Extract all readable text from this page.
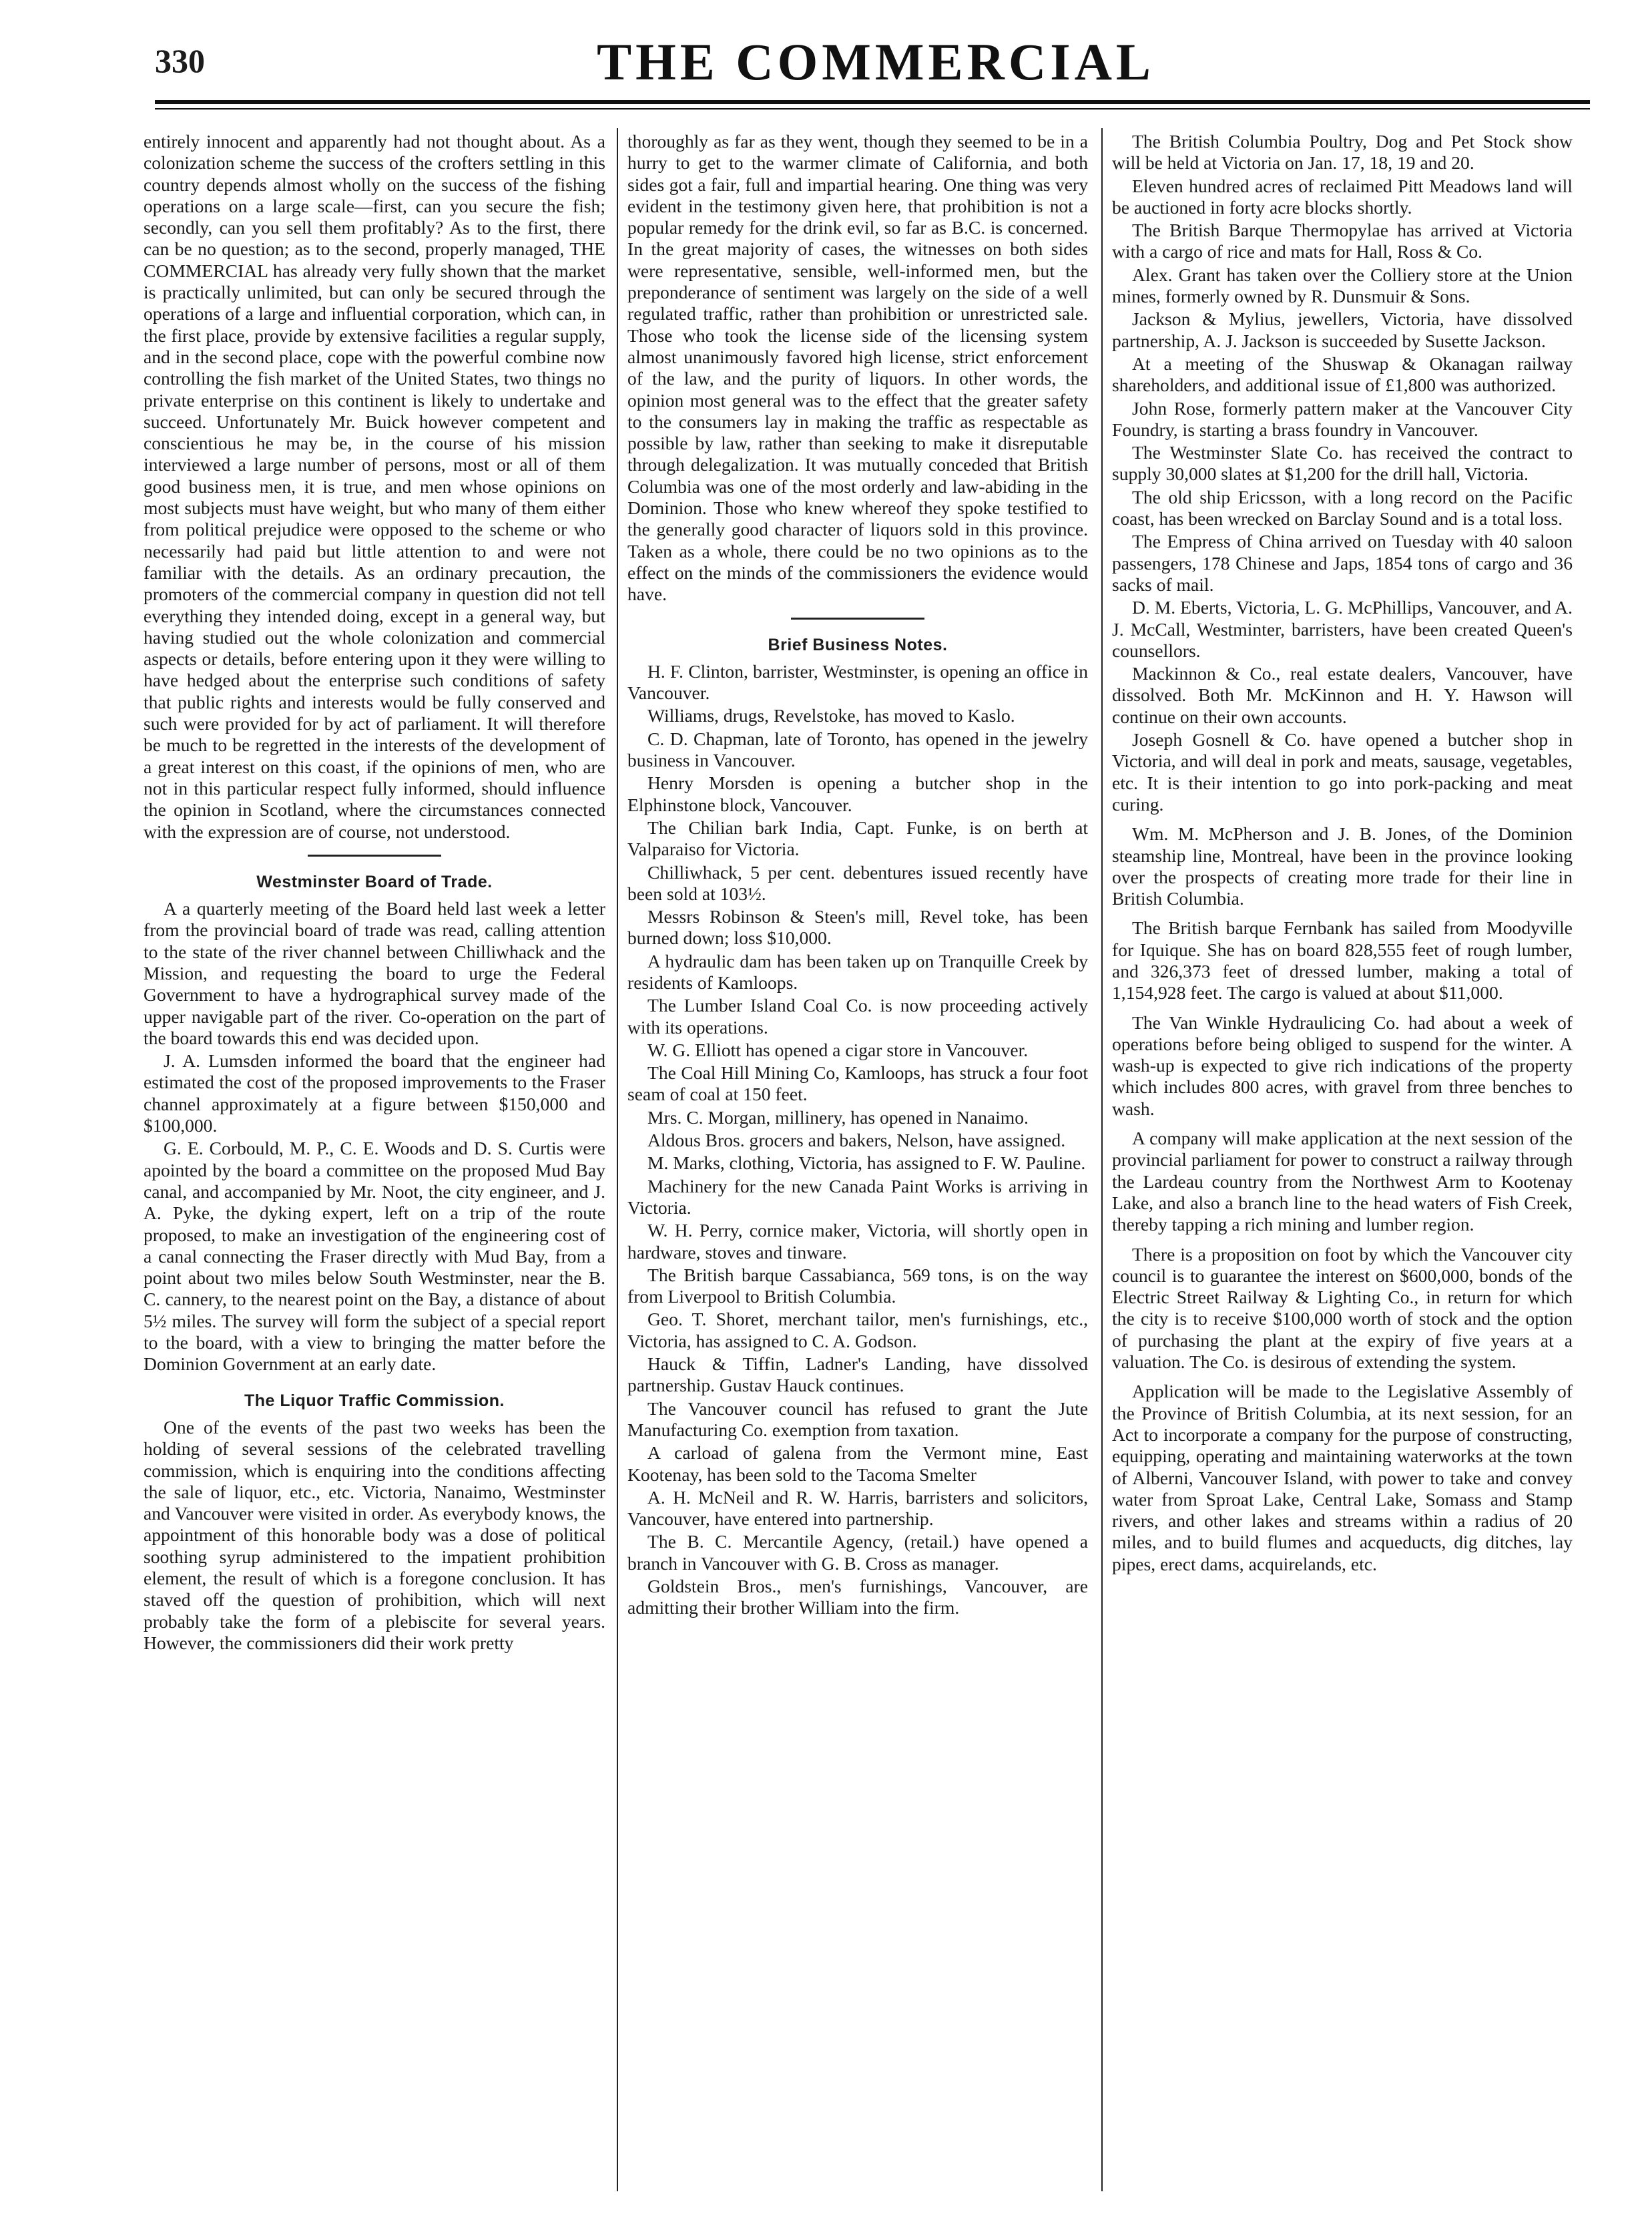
330	THE COMMERCIAL

entirely innocent and apparently had not thought about. As a colonization scheme the success of the crofters settling in this country depends almost wholly on the success of the fishing operations on a large scale—first, can you secure the fish; secondly, can you sell them profitably? As to the first, there can be no question; as to the second, properly managed, THE COMMERCIAL has already very fully shown that the market is practically unlimited, but can only be secured through the operations of a large and influential corporation, which can, in the first place, provide by extensive facilities a regular supply, and in the second place, cope with the powerful combine now controlling the fish market of the United States, two things no private enterprise on this continent is likely to undertake and succeed. Unfortunately Mr. Buick however competent and conscientious he may be, in the course of his mission interviewed a large number of persons, most or all of them good business men, it is true, and men whose opinions on most subjects must have weight, but who many of them either from political prejudice were opposed to the scheme or who necessarily had paid but little attention to and were not familiar with the details. As an ordinary precaution, the promoters of the commercial company in question did not tell everything they intended doing, except in a general way, but having studied out the whole colonization and commercial aspects or details, before entering upon it they were willing to have hedged about the enterprise such conditions of safety that public rights and interests would be fully conserved and such were provided for by act of parliament. It will therefore be much to be regretted in the interests of the development of a great interest on this coast, if the opinions of men, who are not in this particular respect fully informed, should influence the opinion in Scotland, where the circumstances connected with the expression are of course, not understood.

Westminster Board of Trade.

A a quarterly meeting of the Board held last week a letter from the provincial board of trade was read, calling attention to the state of the river channel between Chilliwhack and the Mission, and requesting the board to urge the Federal Government to have a hydrographical survey made of the upper navigable part of the river. Co-operation on the part of the board towards this end was decided upon.

J. A. Lumsden informed the board that the engineer had estimated the cost of the proposed improvements to the Fraser channel approximately at a figure between $150,000 and $100,000.

G. E. Corbould, M. P., C. E. Woods and D. S. Curtis were apointed by the board a committee on the proposed Mud Bay canal, and accompanied by Mr. Noot, the city engineer, and J. A. Pyke, the dyking expert, left on a trip of the route proposed, to make an investigation of the engineering cost of a canal connecting the Fraser directly with Mud Bay, from a point about two miles below South Westminster, near the B. C. cannery, to the nearest point on the Bay, a distance of about 5½ miles. The survey will form the subject of a special report to the board, with a view to bringing the matter before the Dominion Government at an early date.

The Liquor Traffic Commission.

One of the events of the past two weeks has been the holding of several sessions of the celebrated travelling commission, which is enquiring into the conditions affecting the sale of liquor, etc., etc. Victoria, Nanaimo, Westminster and Vancouver were visited in order. As everybody knows, the appointment of this honorable body was a dose of political soothing syrup administered to the impatient prohibition element, the result of which is a foregone conclusion. It has staved off the question of prohibition, which will next probably take the form of a plebiscite for several years. However, the commissioners did their work pretty

thoroughly as far as they went, though they seemed to be in a hurry to get to the warmer climate of California, and both sides got a fair, full and impartial hearing. One thing was very evident in the testimony given here, that prohibition is not a popular remedy for the drink evil, so far as B.C. is concerned. In the great majority of cases, the witnesses on both sides were representative, sensible, well-informed men, but the preponderance of sentiment was largely on the side of a well regulated traffic, rather than prohibition or unrestricted sale. Those who took the license side of the licensing system almost unanimously favored high license, strict enforcement of the law, and the purity of liquors. In other words, the opinion most general was to the effect that the greater safety to the consumers lay in making the traffic as respectable as possible by law, rather than seeking to make it disreputable through delegalization. It was mutually conceded that British Columbia was one of the most orderly and law-abiding in the Dominion. Those who knew whereof they spoke testified to the generally good character of liquors sold in this province. Taken as a whole, there could be no two opinions as to the effect on the minds of the commissioners the evidence would have.

Brief Business Notes.

H. F. Clinton, barrister, Westminster, is opening an office in Vancouver.

Williams, drugs, Revelstoke, has moved to Kaslo.

C. D. Chapman, late of Toronto, has opened in the jewelry business in Vancouver.

Henry Morsden is opening a butcher shop in the Elphinstone block, Vancouver.

The Chilian bark India, Capt. Funke, is on berth at Valparaiso for Victoria.

Chilliwhack, 5 per cent. debentures issued recently have been sold at 103½.

Messrs Robinson & Steen's mill, Revel toke, has been burned down; loss $10,000.

A hydraulic dam has been taken up on Tranquille Creek by residents of Kamloops.

The Lumber Island Coal Co. is now proceeding actively with its operations.

W. G. Elliott has opened a cigar store in Vancouver.

The Coal Hill Mining Co, Kamloops, has struck a four foot seam of coal at 150 feet.

Mrs. C. Morgan, millinery, has opened in Nanaimo.

Aldous Bros. grocers and bakers, Nelson, have assigned.

M. Marks, clothing, Victoria, has assigned to F. W. Pauline.

Machinery for the new Canada Paint Works is arriving in Victoria.

W. H. Perry, cornice maker, Victoria, will shortly open in hardware, stoves and tinware.

The British barque Cassabianca, 569 tons, is on the way from Liverpool to British Columbia.

Geo. T. Shoret, merchant tailor, men's furnishings, etc., Victoria, has assigned to C. A. Godson.

Hauck & Tiffin, Ladner's Landing, have dissolved partnership. Gustav Hauck continues.

The Vancouver council has refused to grant the Jute Manufacturing Co. exemption from taxation.

A carload of galena from the Vermont mine, East Kootenay, has been sold to the Tacoma Smelter

A. H. McNeil and R. W. Harris, barristers and solicitors, Vancouver, have entered into partnership.

The B. C. Mercantile Agency, (retail.) have opened a branch in Vancouver with G. B. Cross as manager.

Goldstein Bros., men's furnishings, Vancouver, are admitting their brother William into the firm.

The British Columbia Poultry, Dog and Pet Stock show will be held at Victoria on Jan. 17, 18, 19 and 20.

Eleven hundred acres of reclaimed Pitt Meadows land will be auctioned in forty acre blocks shortly.

The British Barque Thermopylae has arrived at Victoria with a cargo of rice and mats for Hall, Ross & Co.

Alex. Grant has taken over the Colliery store at the Union mines, formerly owned by R. Dunsmuir & Sons.

Jackson & Mylius, jewellers, Victoria, have dissolved partnership, A. J. Jackson is succeeded by Susette Jackson.

At a meeting of the Shuswap & Okanagan railway shareholders, and additional issue of £1,800 was authorized.

John Rose, formerly pattern maker at the Vancouver City Foundry, is starting a brass foundry in Vancouver.

The Westminster Slate Co. has received the contract to supply 30,000 slates at $1,200 for the drill hall, Victoria.

The old ship Ericsson, with a long record on the Pacific coast, has been wrecked on Barclay Sound and is a total loss.

The Empress of China arrived on Tuesday with 40 saloon passengers, 178 Chinese and Japs, 1854 tons of cargo and 36 sacks of mail.

D. M. Eberts, Victoria, L. G. McPhillips, Vancouver, and A. J. McCall, Westminter, barristers, have been created Queen's counsellors.

Mackinnon & Co., real estate dealers, Vancouver, have dissolved. Both Mr. McKinnon and H. Y. Hawson will continue on their own accounts.

Joseph Gosnell & Co. have opened a butcher shop in Victoria, and will deal in pork and meats, sausage, vegetables, etc. It is their intention to go into pork-packing and meat curing.

Wm. M. McPherson and J. B. Jones, of the Dominion steamship line, Montreal, have been in the province looking over the prospects of creating more trade for their line in British Columbia.

The British barque Fernbank has sailed from Moodyville for Iquique. She has on board 828,555 feet of rough lumber, and 326,373 feet of dressed lumber, making a total of 1,154,928 feet. The cargo is valued at about $11,000.

The Van Winkle Hydraulicing Co. had about a week of operations before being obliged to suspend for the winter. A wash-up is expected to give rich indications of the property which includes 800 acres, with gravel from three benches to wash.

A company will make application at the next session of the provincial parliament for power to construct a railway through the Lardeau country from the Northwest Arm to Kootenay Lake, and also a branch line to the head waters of Fish Creek, thereby tapping a rich mining and lumber region.

There is a proposition on foot by which the Vancouver city council is to guarantee the interest on $600,000, bonds of the Electric Street Railway & Lighting Co., in return for which the city is to receive $100,000 worth of stock and the option of purchasing the plant at the expiry of five years at a valuation. The Co. is desirous of extending the system.

Application will be made to the Legislative Assembly of the Province of British Columbia, at its next session, for an Act to incorporate a company for the purpose of constructing, equipping, operating and maintaining waterworks at the town of Alberni, Vancouver Island, with power to take and convey water from Sproat Lake, Central Lake, Somass and Stamp rivers, and other lakes and streams within a radius of 20 miles, and to build flumes and acqueducts, dig ditches, lay pipes, erect dams, acquirelands, etc.
